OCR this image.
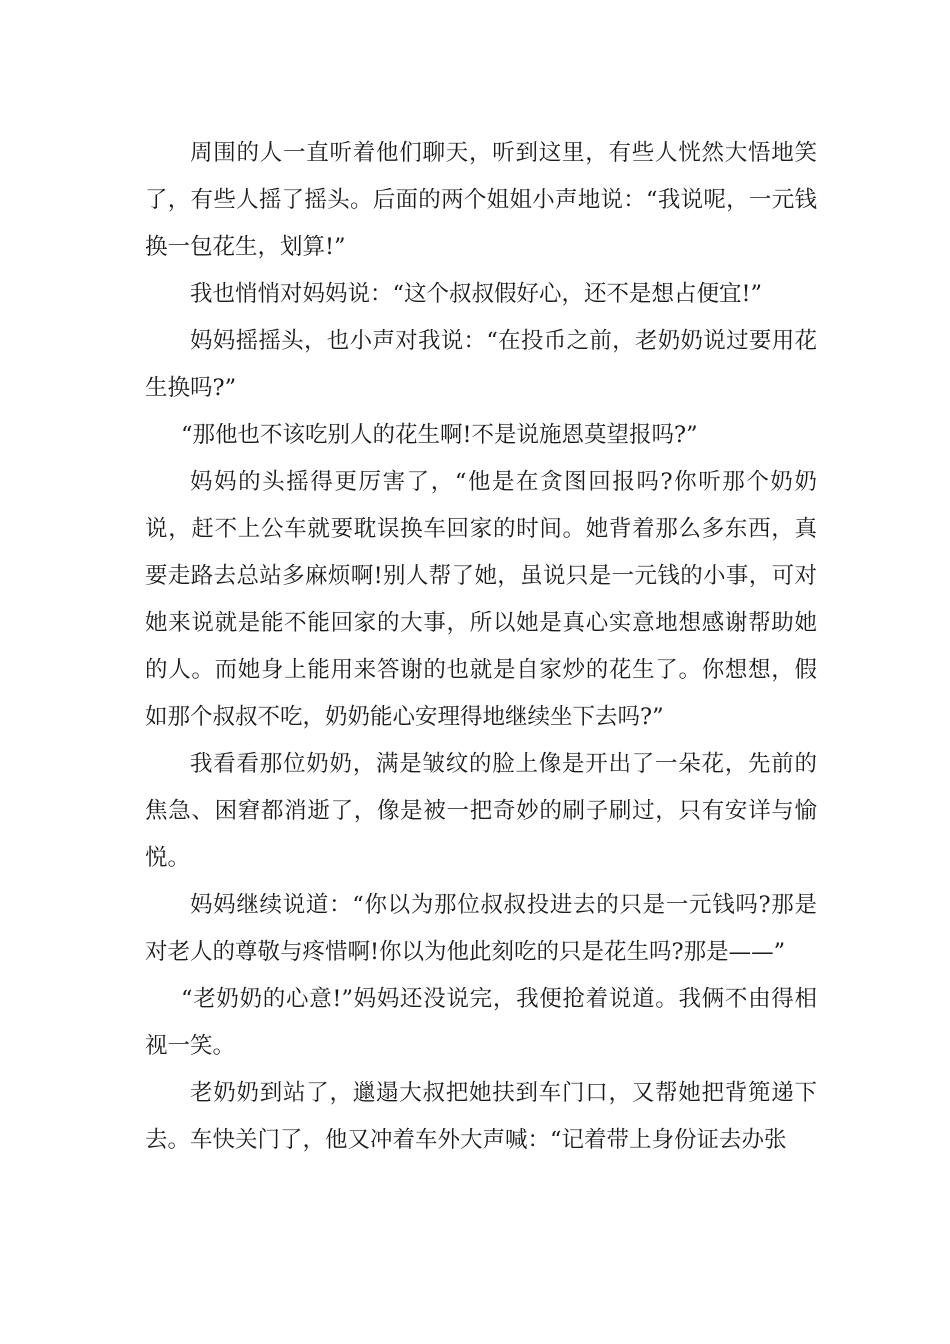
周围的人一直听着他们聊天，听到这里，有些人恍然大悟地笑了，有些人摇了摇头。后面的两个姐姐小声地说：“我说呢，一元钱换一包花生，划算!”

我也悄悄对妈妈说：“这个叔叔假好心，还不是想占便宜!”

妈妈摇摇头，也小声对我说：“在投币之前，老奶奶说过要用花生换吗?”

“那他也不该吃别人的花生啊!不是说施恩莫望报吗?”

妈妈的头摇得更厉害了，“他是在贪图回报吗?你听那个奶奶说，赶不上公车就要耽误换车回家的时间。她背着那么多东西，真要走路去总站多麻烦啊!别人帮了她，虽说只是一元钱的小事，可对她来说就是能不能回家的大事，所以她是真心实意地想感谢帮助她的人。而她身上能用来答谢的也就是自家炒的花生了。你想想，假如那个叔叔不吃，奶奶能心安理得地继续坐下去吗?”

我看看那位奶奶，满是皱纹的脸上像是开出了一朵花，先前的焦急、困窘都消逝了，像是被一把奇妙的刷子刷过，只有安详与愉悦。

妈妈继续说道：“你以为那位叔叔投进去的只是一元钱吗?那是对老人的尊敬与疼惜啊!你以为他此刻吃的只是花生吗?那是——”

“老奶奶的心意!”妈妈还没说完，我便抢着说道。我俩不由得相视一笑。

老奶奶到站了，邋遢大叔把她扶到车门口，又帮她把背篼递下去。车快关门了，他又冲着车外大声喊：“记着带上身份证去办张
